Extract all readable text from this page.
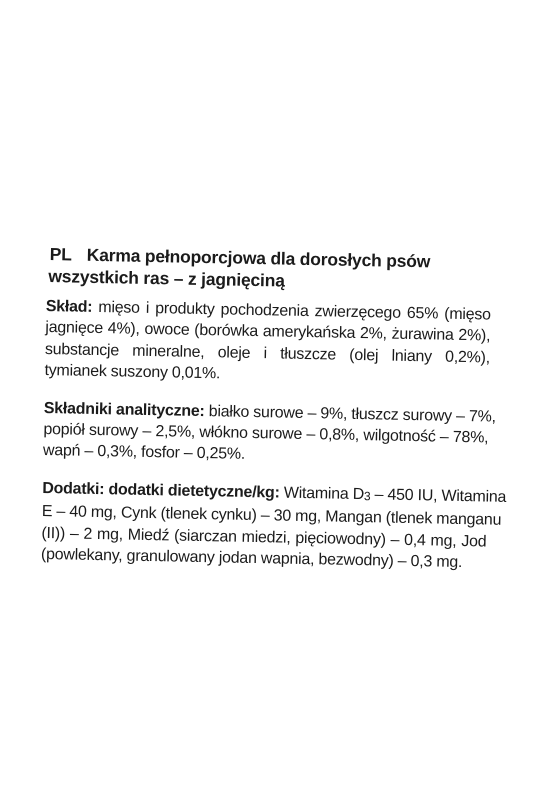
PL Karma pełnoporcjowa dla dorosłych psów
wszystkich ras – z jagnięciną
Skład: mięso i produkty pochodzenia zwierzęcego 65% (mięso
jagnięce 4%), owoce (borówka amerykańska 2%, żurawina 2%),
substancje mineralne, oleje i tłuszcze (olej lniany 0,2%),
tymianek suszony 0,01%.
Składniki analityczne: białko surowe – 9%, tłuszcz surowy – 7%,
popiół surowy – 2,5%, włókno surowe – 0,8%, wilgotność – 78%,
wapń – 0,3%, fosfor – 0,25%.
Dodatki: dodatki dietetyczne/kg: Witamina D3 – 450 IU, Witamina
E – 40 mg, Cynk (tlenek cynku) – 30 mg, Mangan (tlenek manganu
(II)) – 2 mg, Miedź (siarczan miedzi, pięciowodny) – 0,4 mg, Jod
(powlekany, granulowany jodan wapnia, bezwodny) – 0,3 mg.
